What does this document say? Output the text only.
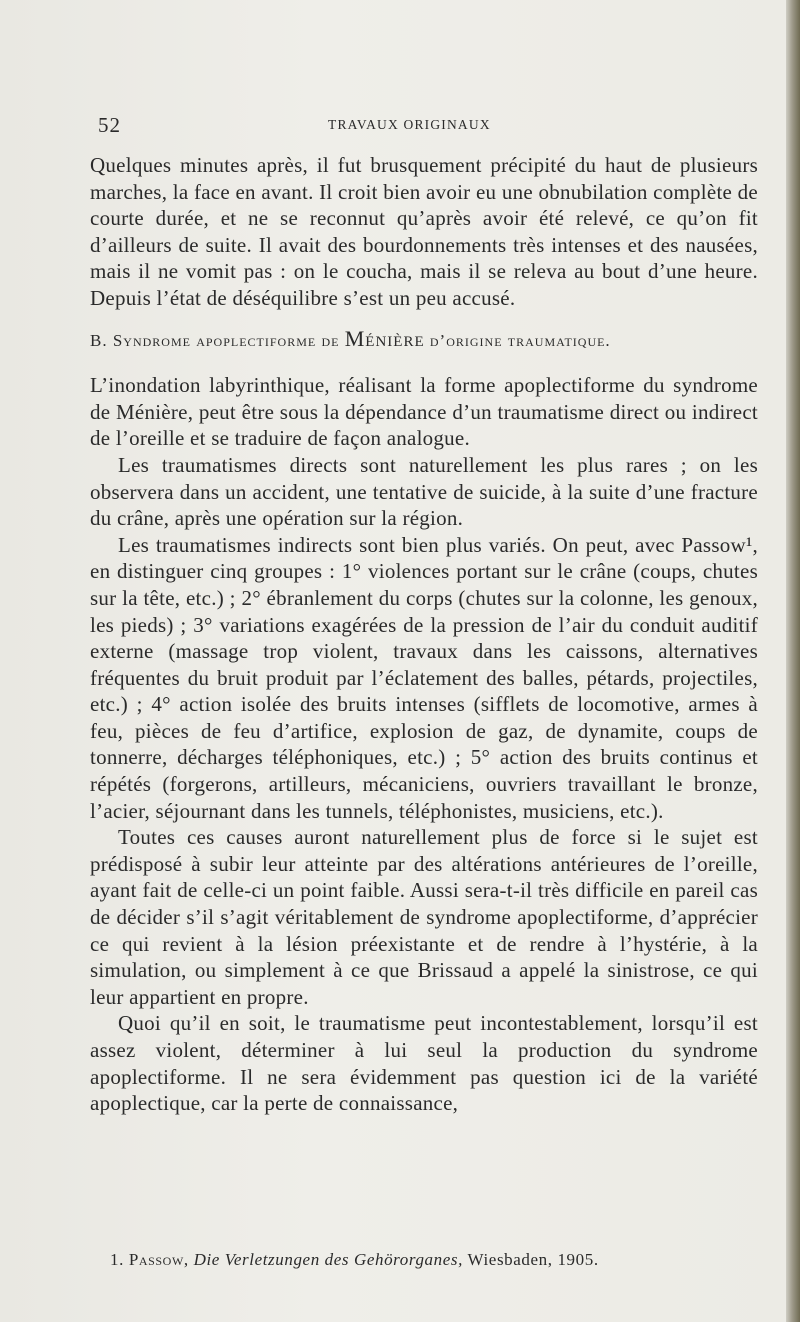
52	TRAVAUX ORIGINAUX

Quelques minutes après, il fut brusquement précipité du haut de plusieurs marches, la face en avant. Il croit bien avoir eu une obnubilation complète de courte durée, et ne se reconnut qu’après avoir été relevé, ce qu’on fit d’ailleurs de suite. Il avait des bourdonnements très intenses et des nausées, mais il ne vomit pas : on le coucha, mais il se releva au bout d’une heure. Depuis l’état de déséquilibre s’est un peu accusé.

B. Syndrome apoplectiforme de Ménière d’origine traumatique.

L’inondation labyrinthique, réalisant la forme apoplectiforme du syndrome de Ménière, peut être sous la dépendance d’un traumatisme direct ou indirect de l’oreille et se traduire de façon analogue.

Les traumatismes directs sont naturellement les plus rares ; on les observera dans un accident, une tentative de suicide, à la suite d’une fracture du crâne, après une opération sur la région.

Les traumatismes indirects sont bien plus variés. On peut, avec Passow¹, en distinguer cinq groupes : 1° violences portant sur le crâne (coups, chutes sur la tête, etc.) ; 2° ébranlement du corps (chutes sur la colonne, les genoux, les pieds) ; 3° variations exagérées de la pression de l’air du conduit auditif externe (massage trop violent, travaux dans les caissons, alternatives fréquentes du bruit produit par l’éclatement des balles, pétards, projectiles, etc.) ; 4° action isolée des bruits intenses (sifflets de locomotive, armes à feu, pièces de feu d’artifice, explosion de gaz, de dynamite, coups de tonnerre, décharges téléphoniques, etc.) ; 5° action des bruits continus et répétés (forgerons, artilleurs, mécaniciens, ouvriers travaillant le bronze, l’acier, séjournant dans les tunnels, téléphonistes, musiciens, etc.).

Toutes ces causes auront naturellement plus de force si le sujet est prédisposé à subir leur atteinte par des altérations antérieures de l’oreille, ayant fait de celle-ci un point faible. Aussi sera-t-il très difficile en pareil cas de décider s’il s’agit véritablement de syndrome apoplectiforme, d’apprécier ce qui revient à la lésion préexistante et de rendre à l’hystérie, à la simulation, ou simplement à ce que Brissaud a appelé la sinistrose, ce qui leur appartient en propre.

Quoi qu’il en soit, le traumatisme peut incontestablement, lorsqu’il est assez violent, déterminer à lui seul la production du syndrome apoplectiforme. Il ne sera évidemment pas question ici de la variété apoplectique, car la perte de connaissance,

1. Passow, Die Verletzungen des Gehörorganes, Wiesbaden, 1905.
